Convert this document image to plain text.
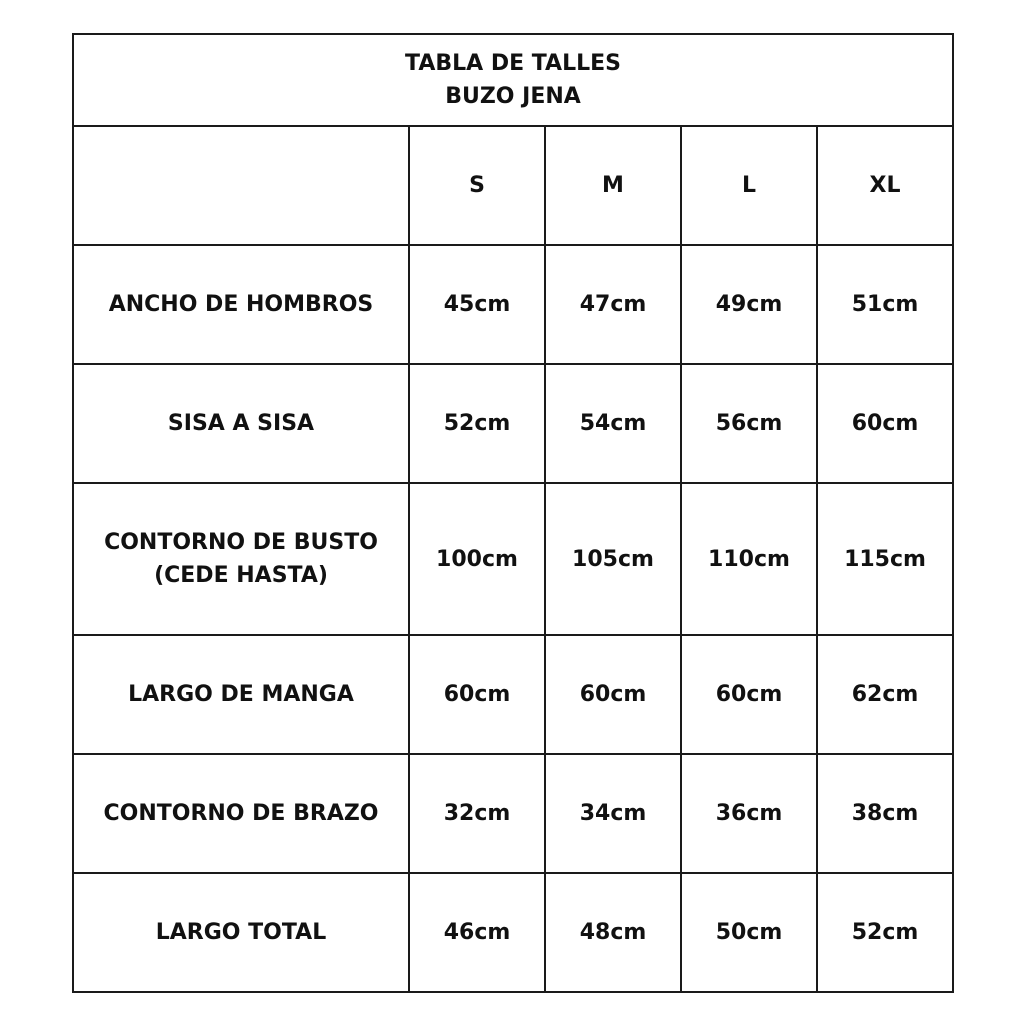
TABLA DE TALLES
BUZO JENA				

	S	M	L	XL
ANCHO DE HOMBROS	45cm	47cm	49cm	51cm
SISA A SISA	52cm	54cm	56cm	60cm

CONTORNO DE BUSTO
(CEDE HASTA)	100cm	105cm	110cm	115cm
LARGO DE MANGA	60cm	60cm	60cm	62cm
CONTORNO DE BRAZO	32cm	34cm	36cm	38cm
LARGO TOTAL	46cm	48cm	50cm	52cm
